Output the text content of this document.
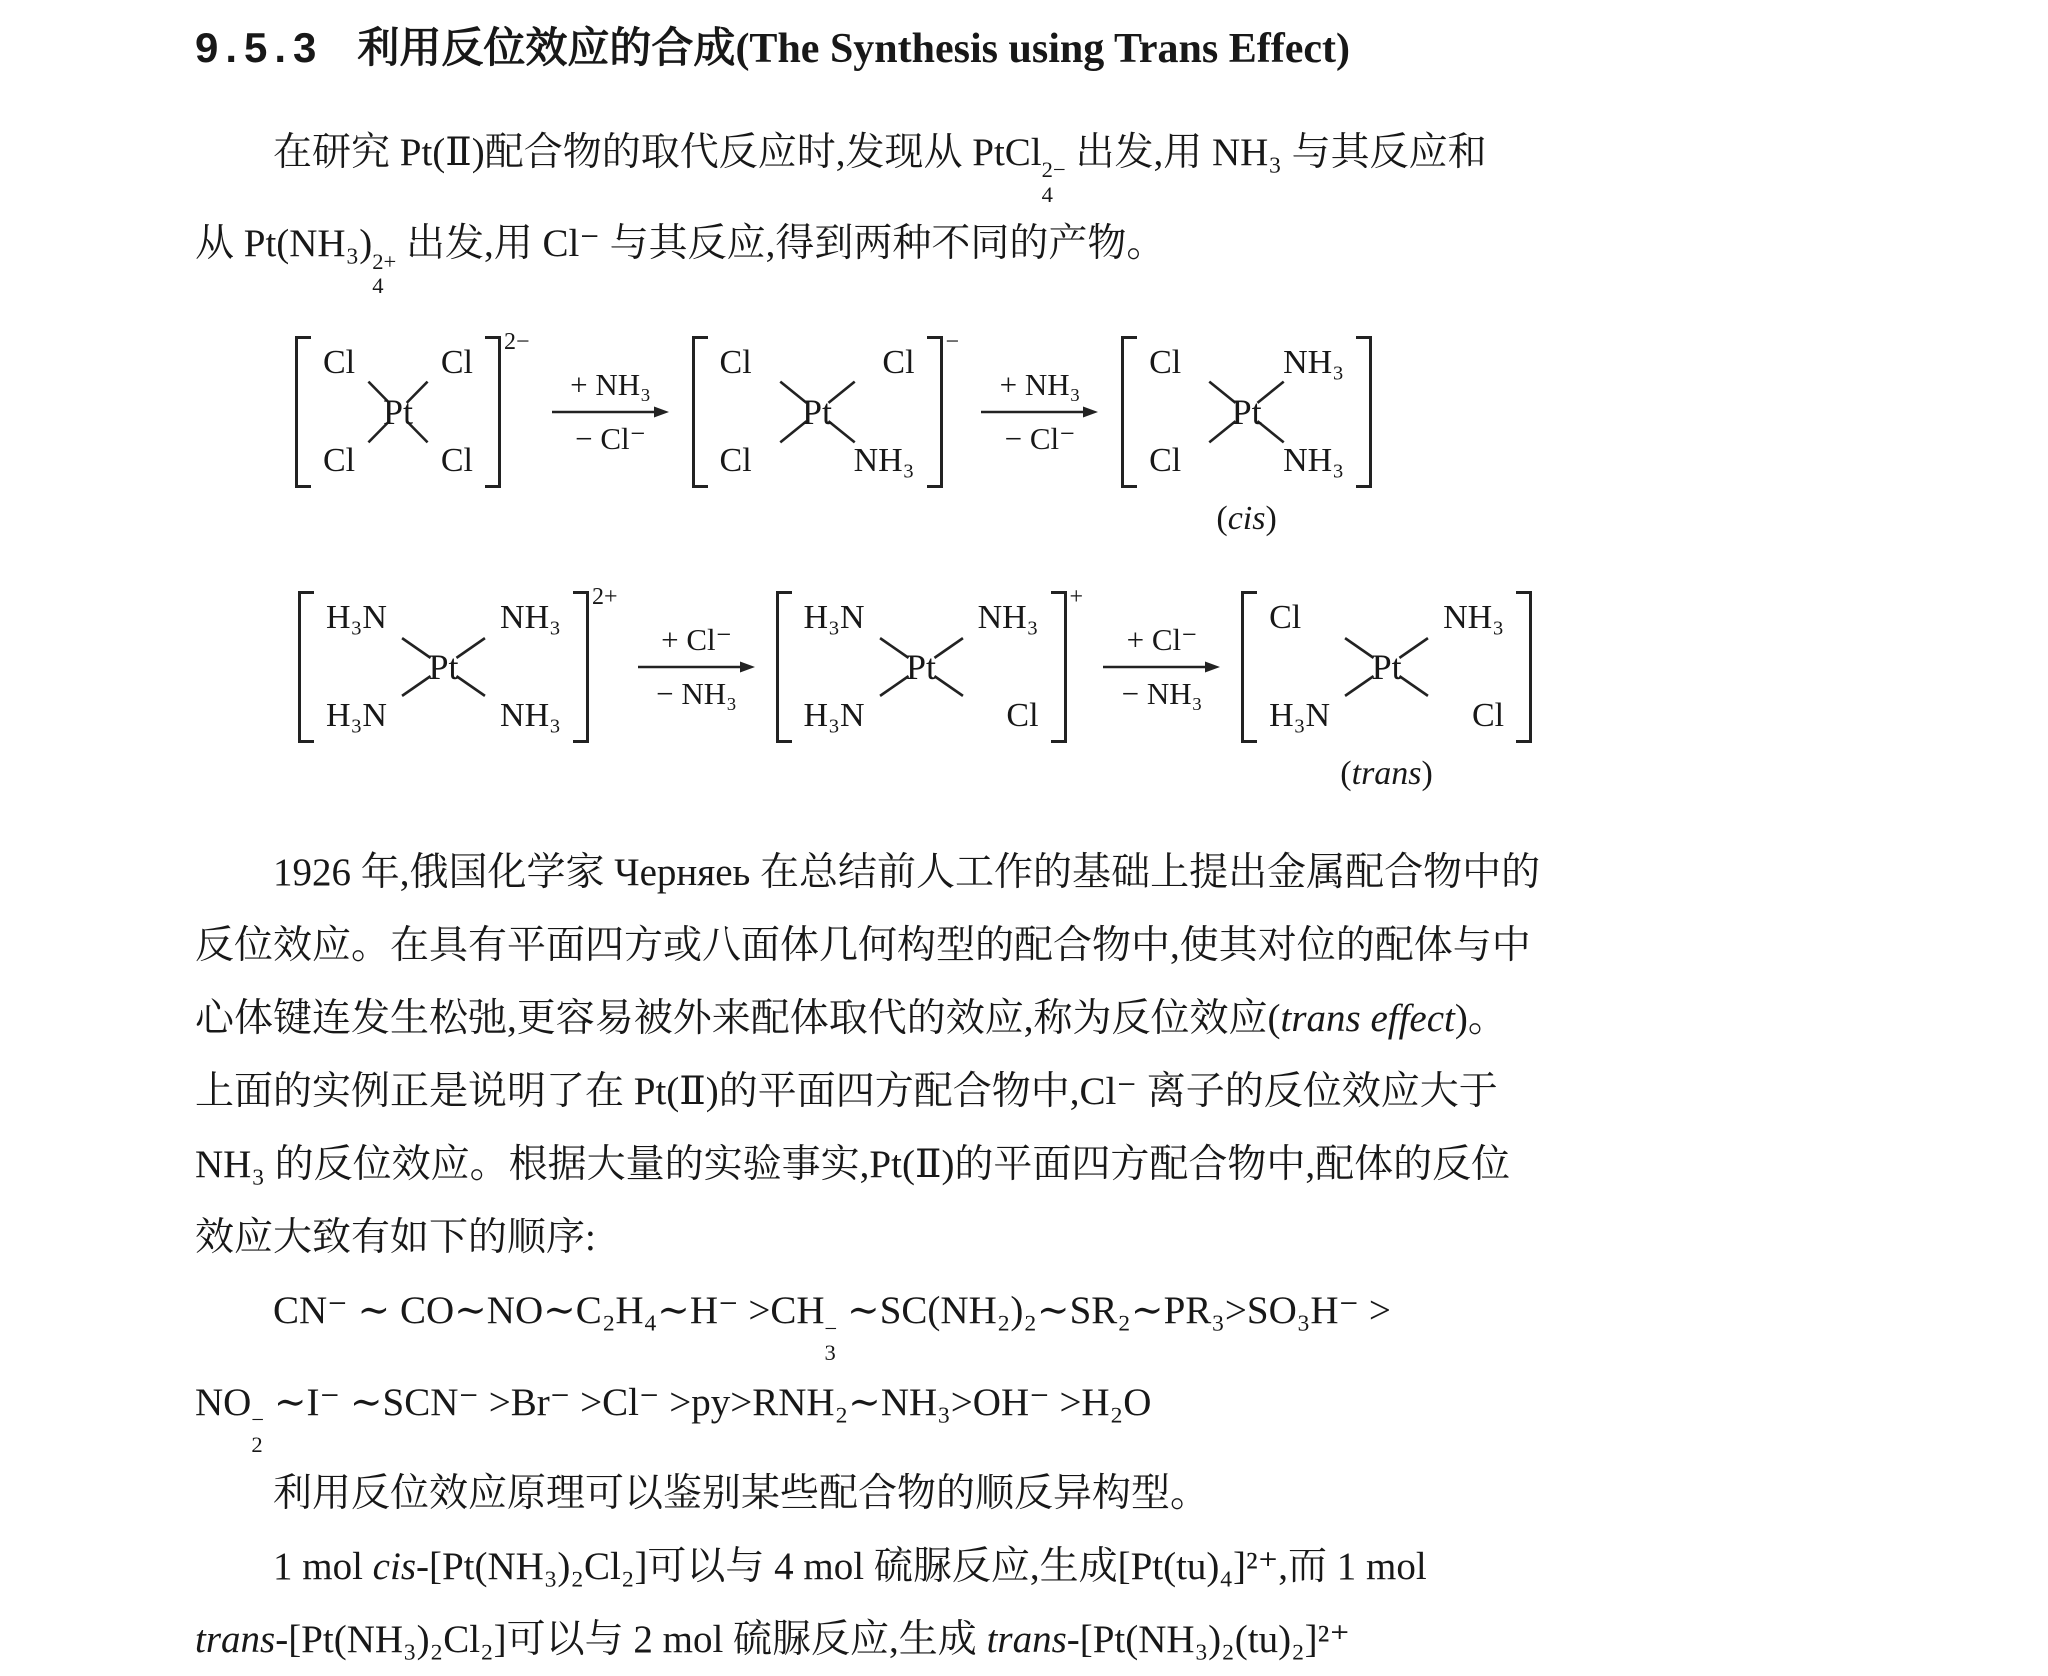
9.5.3 利用反位效应的合成(The Synthesis using Trans Effect)

在研究 Pt(Ⅱ)配合物的取代反应时,发现从 PtCl 2−
4
出发,用 NH₃ 与其反应和

从 Pt(NH₃) 2+
4
出发,用 Cl⁻ 与其反应,得到两种不同的产物。

Cl	Cl
Pt
Cl	Cl
2−
+ NH₃
− Cl⁻
Cl	Cl
Pt
Cl	NH₃
−
+ NH₃
− Cl⁻
Cl	NH₃
Pt
Cl	NH₃
(cis)
H₃N	NH₃
Pt
H₃N	NH₃
2+
+ Cl⁻
− NH₃
H₃N	NH₃
Pt
H₃N	Cl
+
+ Cl⁻
− NH₃
Cl	NH₃
Pt
H₃N	Cl
(trans)

1926 年,俄国化学家 Черняеь 在总结前人工作的基础上提出金属配合物中的

反位效应。在具有平面四方或八面体几何构型的配合物中,使其对位的配体与中

心体键连发生松弛,更容易被外来配体取代的效应,称为反位效应(trans effect)。

上面的实例正是说明了在 Pt(Ⅱ)的平面四方配合物中,Cl⁻ 离子的反位效应大于

NH₃ 的反位效应。根据大量的实验事实,Pt(Ⅱ)的平面四方配合物中,配体的反位

效应大致有如下的顺序:

CN⁻ ∼ CO∼NO∼C₂H₄∼H⁻ >CH −
3
∼SC(NH₂)₂∼SR₂∼PR₃>SO₃H⁻ >

NO −
2
∼I⁻ ∼SCN⁻ >Br⁻ >Cl⁻ >py>RNH₂∼NH₃>OH⁻ >H₂O

利用反位效应原理可以鉴别某些配合物的顺反异构型。

1 mol cis-[Pt(NH₃)₂Cl₂]可以与 4 mol 硫脲反应,生成[Pt(tu)₄]²⁺,而 1 mol

trans-[Pt(NH₃)₂Cl₂]可以与 2 mol 硫脲反应,生成 trans-[Pt(NH₃)₂(tu)₂]²⁺
